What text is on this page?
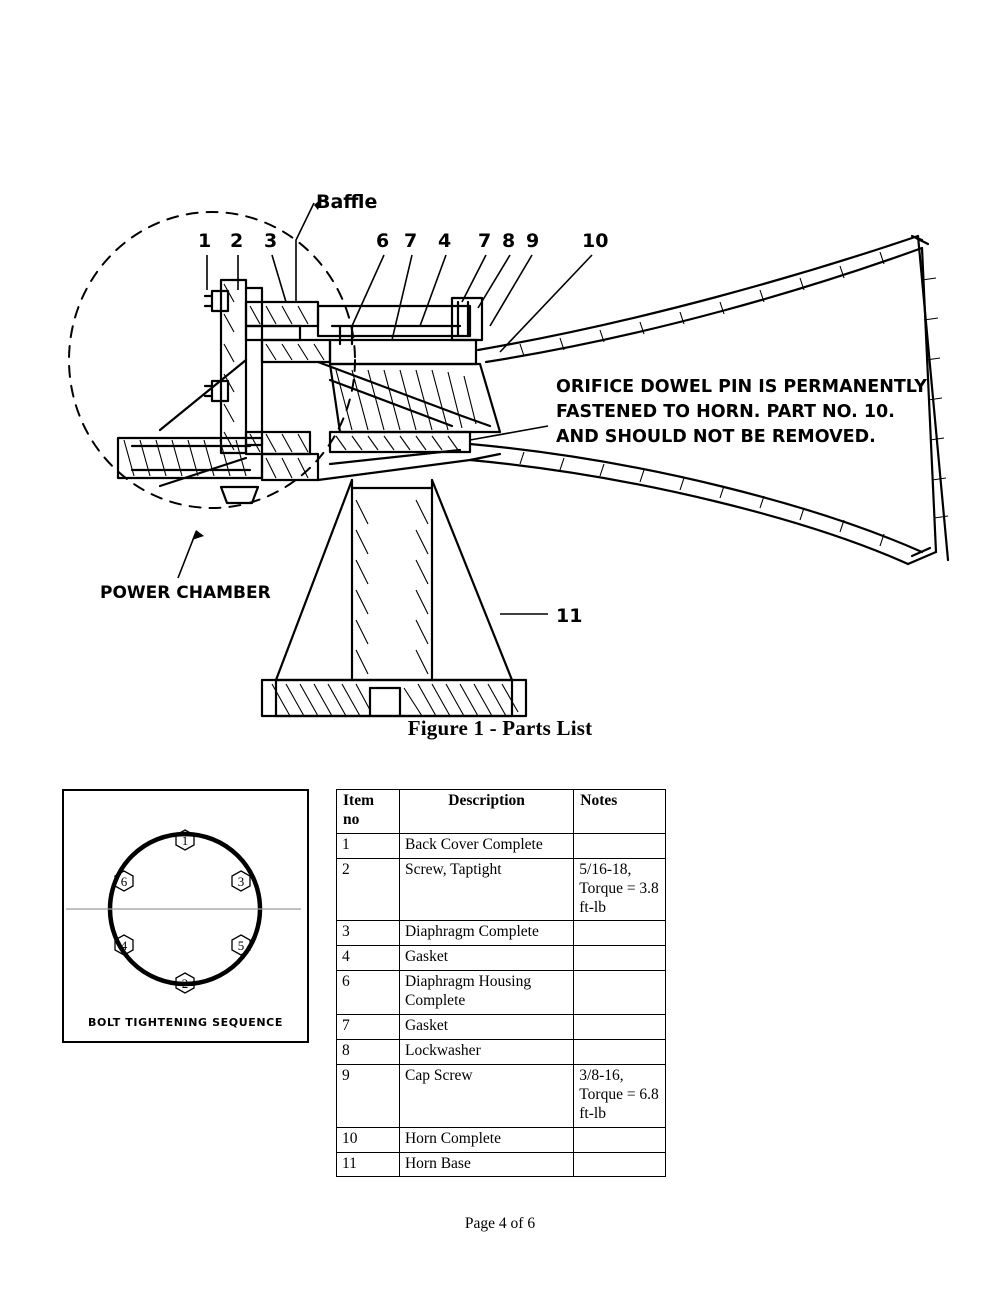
1 2 3	6 7 4 7 8 9 10
11
Baffle
POWER CHAMBER
ORIFICE DOWEL PIN IS PERMANENTLY
FASTENED TO HORN. PART NO. 10.
AND SHOULD NOT BE REMOVED.
Figure 1 - Parts List
1
3
5
2
4
6
BOLT TIGHTENING SEQUENCE
Item
no	Description	Notes
1	Back Cover Complete	
2	Screw, Taptight	5/16-18, Torque = 3.8 ft-lb
3	Diaphragm Complete	
4	Gasket	
6	Diaphragm Housing Complete	
7	Gasket	
8	Lockwasher	
9	Cap Screw	3/8-16, Torque = 6.8 ft-lb
10	Horn Complete	
11	Horn Base	
Page 4 of 6
